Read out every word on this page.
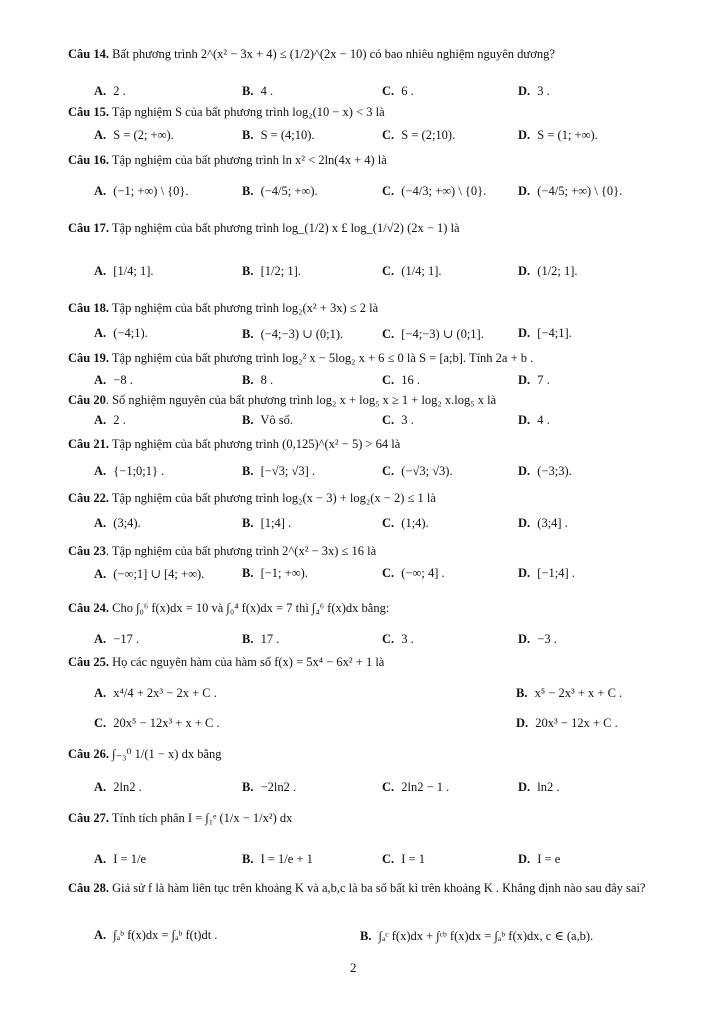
Câu 14. Bất phương trình 2^(x² − 3x + 4) ≤ (1/2)^(2x − 10) có bao nhiêu nghiệm nguyên dương?
A. 2 .	B. 4 .	C. 6 .	D. 3 .
Câu 15. Tập nghiệm S của bất phương trình log₂(10 − x) < 3 là
A. S = (2; +∞).	B. S = (4;10).	C. S = (2;10).	D. S = (1; +∞).
Câu 16. Tập nghiệm của bất phương trình ln x² < 2ln(4x + 4) là
A. (−1; +∞) \ {0}.	B. (−4/5; +∞).	C. (−4/3; +∞) \ {0}.	D. (−4/5; +∞) \ {0}.
Câu 17. Tập nghiệm của bất phương trình log_(1/2) x £ log_(1/√2) (2x − 1) là
A. [1/4; 1].	B. [1/2; 1].	C. (1/4; 1].	D. (1/2; 1].
Câu 18. Tập nghiệm của bất phương trình log₂(x² + 3x) ≤ 2 là
A. (−4;1).	B. (−4;−3) ∪ (0;1).	C. [−4;−3) ∪ (0;1].	D. [−4;1].
Câu 19. Tập nghiệm của bất phương trình log₂² x − 5log₂ x + 6 ≤ 0 là S = [a;b]. Tính 2a + b .
A. −8 .	B. 8 .	C. 16 .	D. 7 .
Câu 20. Số nghiệm nguyên của bất phương trình log₂ x + log₅ x ≥ 1 + log₂ x.log₅ x là
A. 2 .	B. Vô số.	C. 3 .	D. 4 .
Câu 21. Tập nghiệm của bất phương trình (0,125)^(x² − 5) > 64 là
A. {−1;0;1} .	B. [−√3; √3] .	C. (−√3; √3).	D. (−3;3).
Câu 22. Tập nghiệm của bất phương trình log₂(x − 3) + log₂(x − 2) ≤ 1 là
A. (3;4).	B. [1;4] .	C. (1;4).	D. (3;4] .
Câu 23. Tập nghiệm của bất phương trình 2^(x² − 3x) ≤ 16 là
A. (−∞;1] ∪ [4; +∞).	B. [−1; +∞).	C. (−∞; 4] .	D. [−1;4] .
Câu 24. Cho ∫₀⁶ f(x)dx = 10 và ∫₀⁴ f(x)dx = 7 thì ∫₄⁶ f(x)dx bằng:
A. −17 .	B. 17 .	C. 3 .	D. −3 .
Câu 25. Họ các nguyên hàm của hàm số f(x) = 5x⁴ − 6x² + 1 là
A. x⁴/4 + 2x³ − 2x + C .	B. x⁵ − 2x³ + x + C .
C. 20x⁵ − 12x³ + x + C .	D. 20x³ − 12x + C .
Câu 26. ∫₋₃⁰ 1/(1 − x) dx bằng
A. 2ln2 .	B. −2ln2 .	C. 2ln2 − 1 .	D. ln2 .
Câu 27. Tính tích phân I = ∫₁ᵉ (1/x − 1/x²) dx
A. I = 1/e	B. I = 1/e + 1	C. I = 1	D. I = e
Câu 28. Giả sử f là hàm liên tục trên khoảng K và a,b,c là ba số bất kì trên khoảng K . Khẳng định nào sau đây sai?
A. ∫ₐᵇ f(x)dx = ∫ₐᵇ f(t)dt .	B. ∫ₐᶜ f(x)dx + ∫ᶜᵇ f(x)dx = ∫ₐᵇ f(x)dx, c ∈ (a,b).
2
